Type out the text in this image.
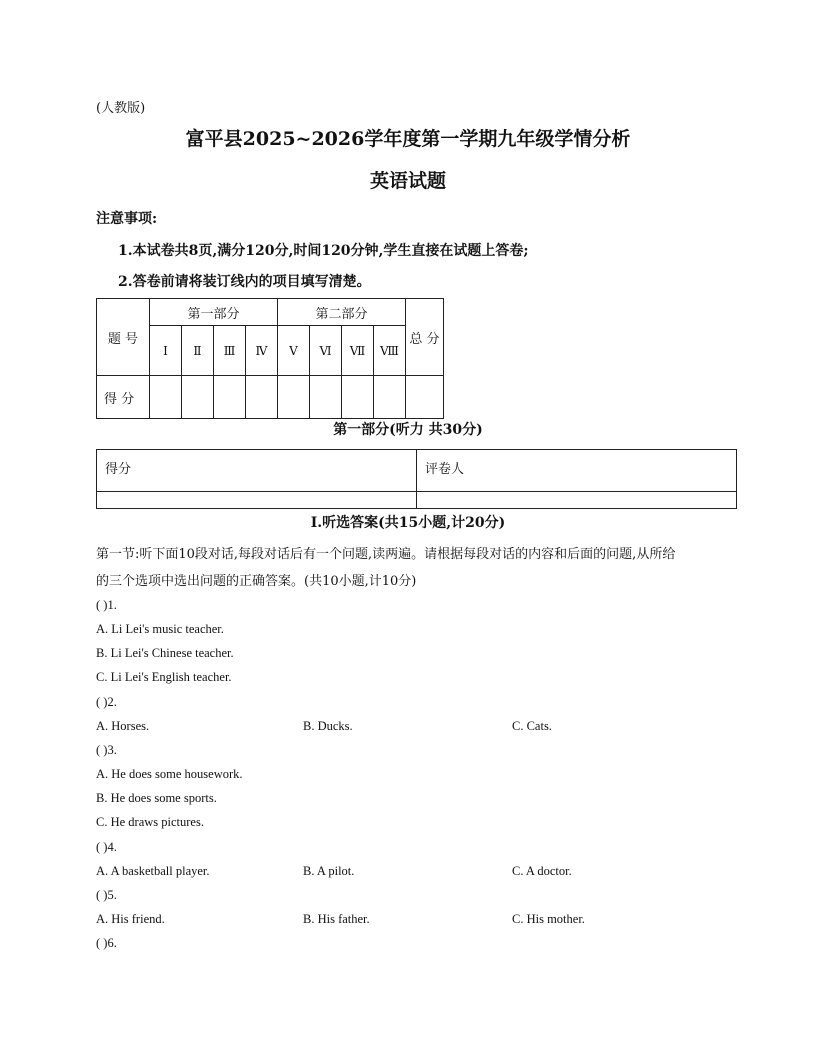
(人教版)
富平县2025~2026学年度第一学期九年级学情分析
英语试题
注意事项:
1.本试卷共8页,满分120分,时间120分钟,学生直接在试题上答卷;
2.答卷前请将装订线内的项目填写清楚。
题 号	第一部分				第二部分				总 分
	Ⅰ	Ⅱ	Ⅲ	Ⅳ	Ⅴ	Ⅵ	Ⅶ	Ⅷ	
得 分									
第一部分(听力 共30分)
得分	评卷人

Ⅰ.听选答案(共15小题,计20分)
第一节:听下面10段对话,每段对话后有一个问题,读两遍。请根据每段对话的内容和后面的问题,从所给
的三个选项中选出问题的正确答案。(共10小题,计10分)
( )1.
A. Li Lei's music teacher.
B. Li Lei's Chinese teacher.
C. Li Lei's English teacher.
( )2.
A. Horses.	B. Ducks.	C. Cats.
( )3.
A. He does some housework.
B. He does some sports.
C. He draws pictures.
( )4.
A. A basketball player.	B. A pilot.	C. A doctor.
( )5.
A. His friend.	B. His father.	C. His mother.
( )6.
